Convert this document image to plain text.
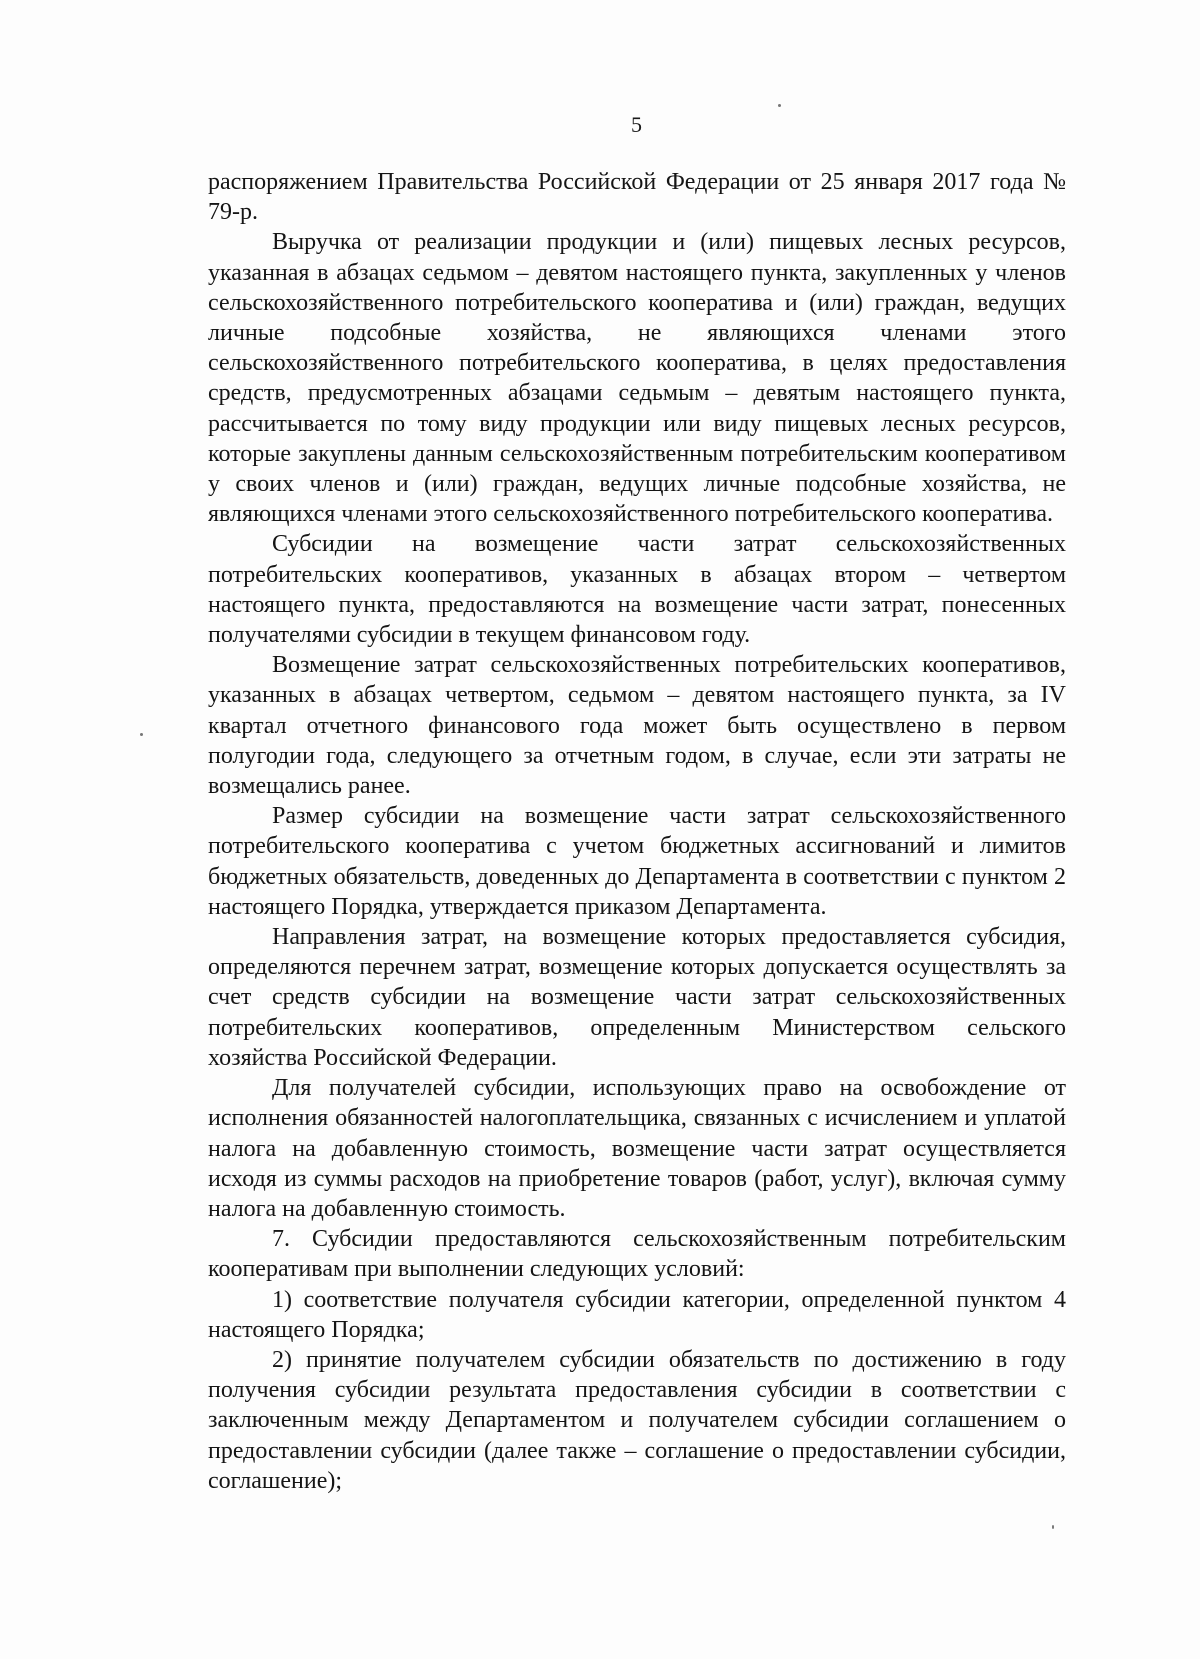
5

распоряжением Правительства Российской Федерации от 25 января 2017 года № 79-р.

Выручка от реализации продукции и (или) пищевых лесных ресурсов, указанная в абзацах седьмом – девятом настоящего пункта, закупленных у членов сельскохозяйственного потребительского кооператива и (или) граждан, ведущих личные подсобные хозяйства, не являющихся членами этого сельскохозяйственного потребительского кооператива, в целях предоставления средств, предусмотренных абзацами седьмым – девятым настоящего пункта, рассчитывается по тому виду продукции или виду пищевых лесных ресурсов, которые закуплены данным сельскохозяйственным потребительским кооперативом у своих членов и (или) граждан, ведущих личные подсобные хозяйства, не являющихся членами этого сельскохозяйственного потребительского кооператива.

Субсидии на возмещение части затрат сельскохозяйственных потребительских кооперативов, указанных в абзацах втором – четвертом настоящего пункта, предоставляются на возмещение части затрат, понесенных получателями субсидии в текущем финансовом году.

Возмещение затрат сельскохозяйственных потребительских кооперативов, указанных в абзацах четвертом, седьмом – девятом настоящего пункта, за IV квартал отчетного финансового года может быть осуществлено в первом полугодии года, следующего за отчетным годом, в случае, если эти затраты не возмещались ранее.

Размер субсидии на возмещение части затрат сельскохозяйственного потребительского кооператива с учетом бюджетных ассигнований и лимитов бюджетных обязательств, доведенных до Департамента в соответствии с пунктом 2 настоящего Порядка, утверждается приказом Департамента.

Направления затрат, на возмещение которых предоставляется субсидия, определяются перечнем затрат, возмещение которых допускается осуществлять за счет средств субсидии на возмещение части затрат сельскохозяйственных потребительских кооперативов, определенным Министерством сельского хозяйства Российской Федерации.

Для получателей субсидии, использующих право на освобождение от исполнения обязанностей налогоплательщика, связанных с исчислением и уплатой налога на добавленную стоимость, возмещение части затрат осуществляется исходя из суммы расходов на приобретение товаров (работ, услуг), включая сумму налога на добавленную стоимость.

7. Субсидии предоставляются сельскохозяйственным потребительским кооперативам при выполнении следующих условий:

1) соответствие получателя субсидии категории, определенной пунктом 4 настоящего Порядка;

2) принятие получателем субсидии обязательств по достижению в году получения субсидии результата предоставления субсидии в соответствии с заключенным между Департаментом и получателем субсидии соглашением о предоставлении субсидии (далее также – соглашение о предоставлении субсидии, соглашение);
